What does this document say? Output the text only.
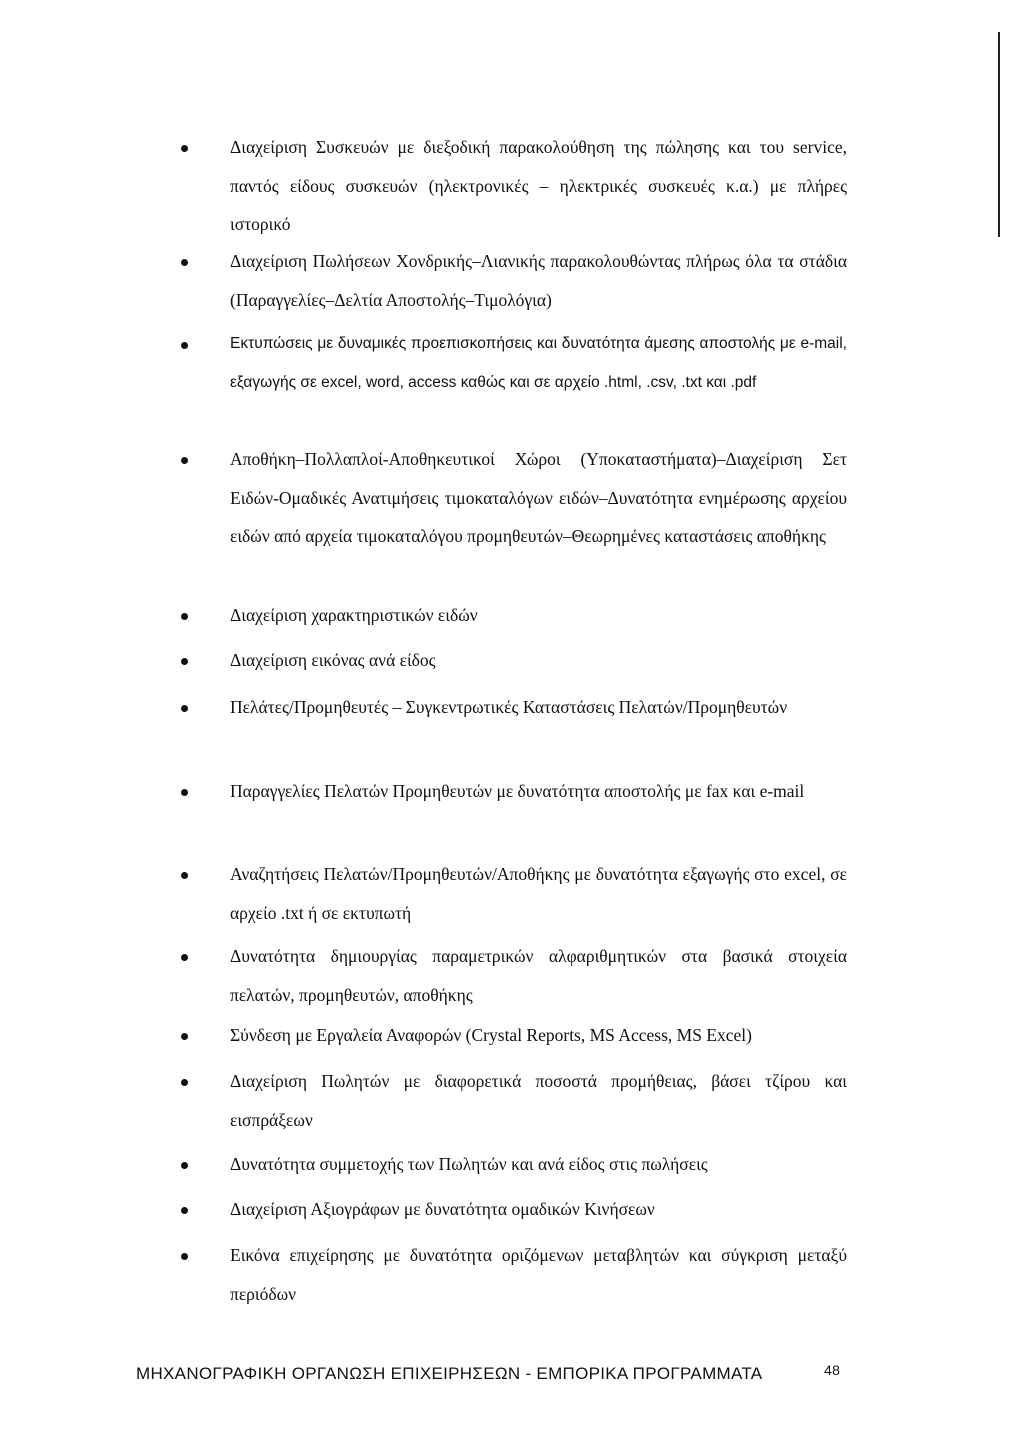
Διαχείριση Συσκευών με διεξοδική παρακολούθηση της πώλησης και του service, παντός είδους συσκευών (ηλεκτρονικές – ηλεκτρικές συσκευές κ.α.) με πλήρες ιστορικό
Διαχείριση Πωλήσεων Χονδρικής–Λιανικής παρακολουθώντας πλήρως όλα τα στάδια (Παραγγελίες–Δελτία Αποστολής–Τιμολόγια)
Εκτυπώσεις με δυναμικές προεπισκοπήσεις και δυνατότητα άμεσης αποστολής με e-mail, εξαγωγής σε excel, word, access καθώς και σε αρχείο .html, .csv, .txt και .pdf
Αποθήκη–Πολλαπλοί-Αποθηκευτικοί Χώροι (Υποκαταστήματα)–Διαχείριση Σετ Ειδών-Ομαδικές Ανατιμήσεις τιμοκαταλόγων ειδών–Δυνατότητα ενημέρωσης αρχείου ειδών από αρχεία τιμοκαταλόγου προμηθευτών–Θεωρημένες καταστάσεις αποθήκης
Διαχείριση χαρακτηριστικών ειδών
Διαχείριση εικόνας ανά είδος
Πελάτες/Προμηθευτές – Συγκεντρωτικές Καταστάσεις Πελατών/Προμηθευτών
Παραγγελίες Πελατών Προμηθευτών με δυνατότητα αποστολής με fax και e-mail
Αναζητήσεις Πελατών/Προμηθευτών/Αποθήκης με δυνατότητα εξαγωγής στο excel, σε αρχείο .txt ή σε εκτυπωτή
Δυνατότητα δημιουργίας παραμετρικών αλφαριθμητικών στα βασικά στοιχεία πελατών, προμηθευτών, αποθήκης
Σύνδεση με Εργαλεία Αναφορών (Crystal Reports, MS Access, MS Excel)
Διαχείριση Πωλητών με διαφορετικά ποσοστά προμήθειας, βάσει τζίρου και εισπράξεων
Δυνατότητα συμμετοχής των Πωλητών και ανά είδος στις πωλήσεις
Διαχείριση Αξιογράφων με δυνατότητα ομαδικών Κινήσεων
Εικόνα επιχείρησης με δυνατότητα οριζόμενων μεταβλητών και σύγκριση μεταξύ περιόδων
ΜΗΧΑΝΟΓΡΑΦΙΚΗ ΟΡΓΑΝΩΣΗ ΕΠΙΧΕΙΡΗΣΕΩΝ - ΕΜΠΟΡΙΚΑ ΠΡΟΓΡΑΜΜΑΤΑ	48
